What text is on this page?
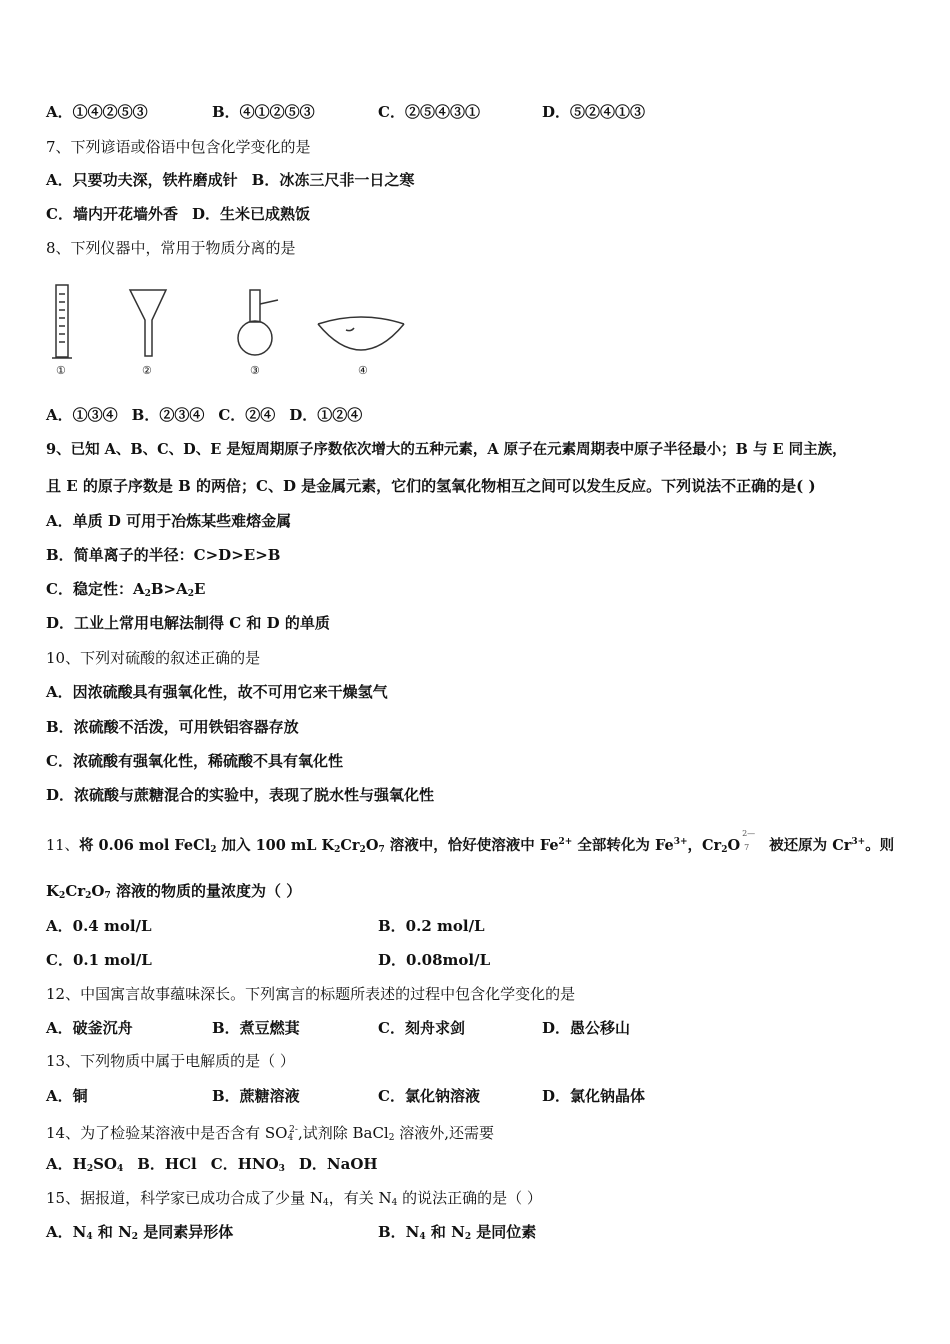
A．①④②⑤③	B．④①②⑤③	C．②⑤④③①	D．⑤②④①③
7、下列谚语或俗语中包含化学变化的是
A．只要功夫深，铁杵磨成针 B．冰冻三尺非一日之寒
C．墙内开花墙外香 D．生米已成熟饭
8、下列仪器中，常用于物质分离的是
①	②	③	④
A．①③④ B．②③④ C．②④ D．①②④
9、已知 A、B、C、D、E 是短周期原子序数依次增大的五种元素，A 原子在元素周期表中原子半径最小；B 与 E 同主族，
且 E 的原子序数是 B 的两倍；C、D 是金属元素，它们的氢氧化物相互之间可以发生反应。下列说法不正确的是( )
A．单质 D 可用于冶炼某些难熔金属
B．简单离子的半径：C>D>E>B
C．稳定性：$A_2B>A_2E$
D．工业上常用电解法制得 C 和 D 的单质
10、下列对硫酸的叙述正确的是
A．因浓硫酸具有强氧化性，故不可用它来干燥氢气
B．浓硫酸不活泼，可用铁铝容器存放
C．浓硫酸有强氧化性，稀硫酸不具有氧化性
D．浓硫酸与蔗糖混合的实验中，表现了脱水性与强氧化性
11、将 0.06 mol FeCl$_2$ 加入 100 mL $K_2Cr_2O_7$ 溶液中，恰好使溶液中 $Fe^{2+}$ 全部转化为 $Fe^{3+}$，$Cr_2O$
2—
7 被还原为 $Cr^{3+}$。则
$K_2Cr_2O_7$ 溶液的物质的量浓度为（ ）
A．0.4 mol/L	B．0.2 mol/L
C．0.1 mol/L	D．0.08mol/L
12、中国寓言故事蕴味深长。下列寓言的标题所表述的过程中包含化学变化的是
A．破釜沉舟	B．煮豆燃萁	C．刻舟求剑	D．愚公移山
13、下列物质中属于电解质的是（ ）
A．铜	B．蔗糖溶液	C．氯化钠溶液	D．氯化钠晶体
14、为了检验某溶液中是否含有 $SO_4^{2-}$,试剂除 BaCl$_2$ 溶液外,还需要
A．$H_2SO_4$ B．HCl C．$HNO_3$ D．NaOH
15、据报道，科学家已成功合成了少量 $N_4$，有关 $N_4$ 的说法正确的是（ ）
A．$N_4$ 和 $N_2$ 是同素异形体	B．$N_4$ 和 $N_2$ 是同位素
